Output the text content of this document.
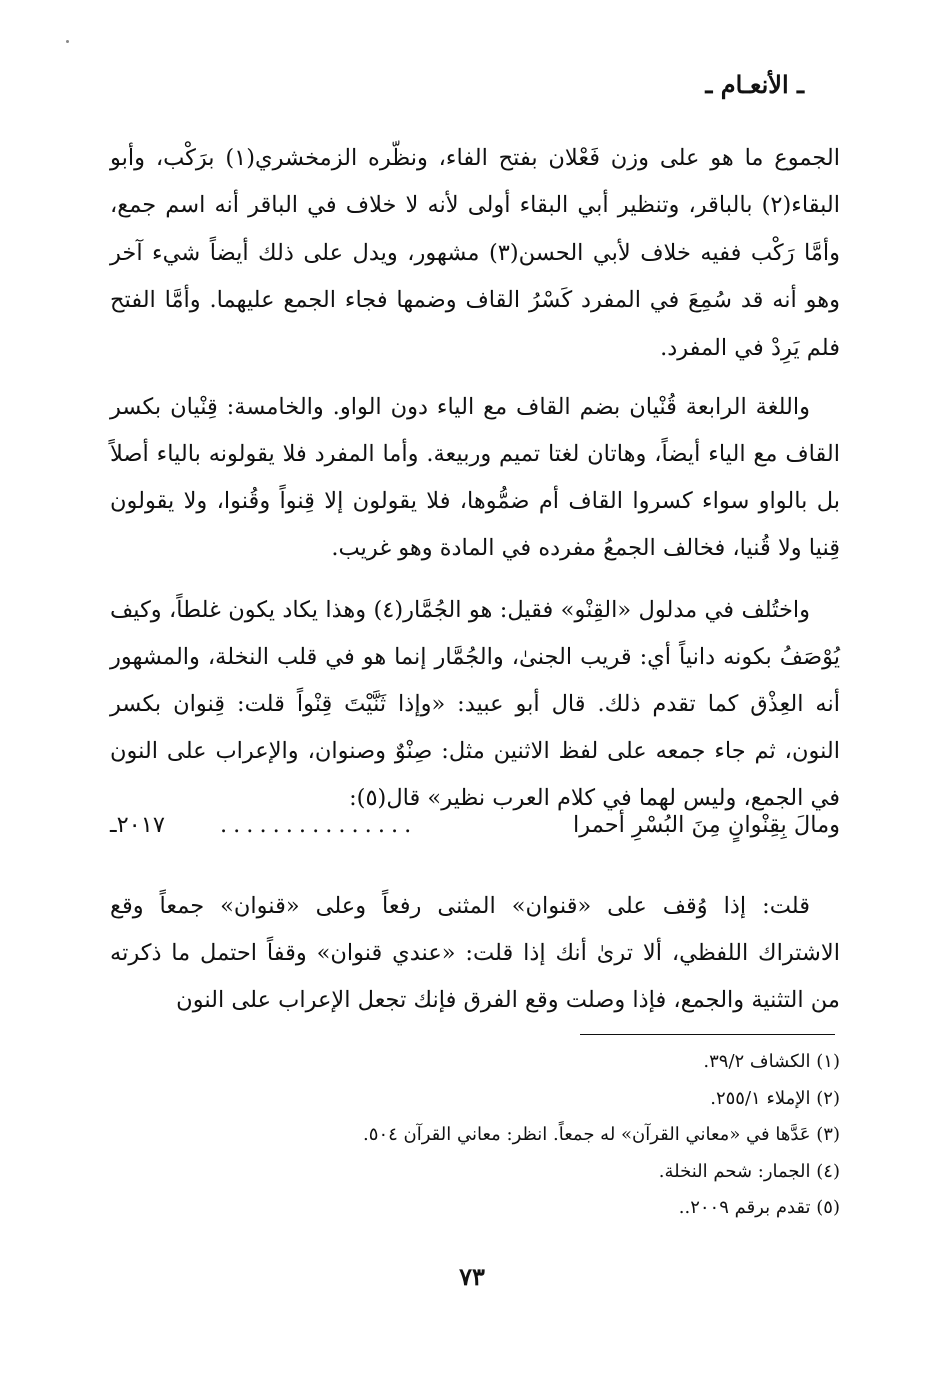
ـ الأنعـام ـ

الجموع ما هو على وزن فَعْلان بفتح الفاء، ونظّره الزمخشري(١) برَكْب، وأبو البقاء(٢) بالباقر، وتنظير أبي البقاء أولى لأنه لا خلاف في الباقر أنه اسم جمع، وأمَّا رَكْب ففيه خلاف لأبي الحسن(٣) مشهور، ويدل على ذلك أيضاً شيء آخر وهو أنه قد سُمِعَ في المفرد كَسْرُ القاف وضمها فجاء الجمع عليهما. وأمَّا الفتح فلم يَرِدْ في المفرد.

واللغة الرابعة قُنْيان بضم القاف مع الياء دون الواو. والخامسة: قِنْيان بكسر القاف مع الياء أيضاً، وهاتان لغتا تميم وربيعة. وأما المفرد فلا يقولونه بالياء أصلاً بل بالواو سواء كسروا القاف أم ضمُّوها، فلا يقولون إلا قِنواً وقُنوا، ولا يقولون قِنيا ولا قُنيا، فخالف الجمعُ مفرده في المادة وهو غريب.

واختُلف في مدلول «القِنْو» فقيل: هو الجُمَّار(٤) وهذا يكاد يكون غلطاً، وكيف يُوْصَفُ بكونه دانياً أي: قريب الجنىٰ، والجُمَّار إنما هو في قلب النخلة، والمشهور أنه العِذْق كما تقدم ذلك. قال أبو عبيد: «وإذا ثَنَّيْتَ قِنْواً قلت: قِنوان بكسر النون، ثم جاء جمعه على لفظ الاثنين مثل: صِنْوٌ وصنوان، والإعراب على النون في الجمع، وليس لهما في كلام العرب نظير» قال(٥):

ومالَ بِقِنْوانٍ مِنَ البُسْرِ أحمرا
...............
٢٠١٧ـ

قلت: إذا وُقف على «قنوان» المثنى رفعاً وعلى «قنوان» جمعاً وقع الاشتراك اللفظي، ألا ترىٰ أنك إذا قلت: «عندي قنوان» وقفاً احتمل ما ذكرته من التثنية والجمع، فإذا وصلت وقع الفرق فإنك تجعل الإعراب على النون

(١) الكشاف ٣٩/٢.
(٢) الإملاء ٢٥٥/١.
(٣) عَدَّها في «معاني القرآن» له جمعاً. انظر: معاني القرآن ٥٠٤.
(٤) الجمار: شحم النخلة.
(٥) تقدم برقم ٢٠٠٩..
٧٣
